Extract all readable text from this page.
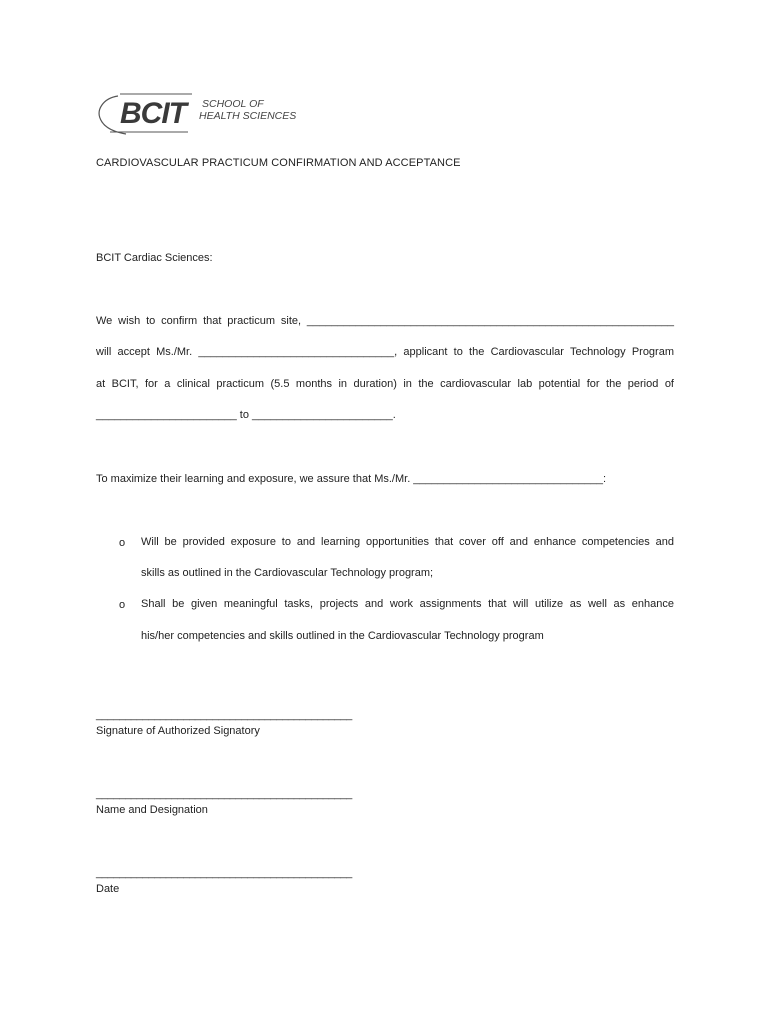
BCIT	SCHOOL OF
HEALTH SCIENCES
CARDIOVASCULAR PRACTICUM CONFIRMATION AND ACCEPTANCE
BCIT Cardiac Sciences:
We wish to confirm that practicum site, ____________________________________________________________
will accept Ms./Mr. ________________________________, applicant to the Cardiovascular Technology Program
at BCIT, for a clinical practicum (5.5 months in duration) in the cardiovascular lab potential for the period of
_______________________ to _______________________.
To maximize their learning and exposure, we assure that Ms./Mr. _______________________________:
o Will be provided exposure to and learning opportunities that cover off and enhance competencies and
skills as outlined in the Cardiovascular Technology program;
o Shall be given meaningful tasks, projects and work assignments that will utilize as well as enhance
his/her competencies and skills outlined in the Cardiovascular Technology program
____________________________________________
Signature of Authorized Signatory
____________________________________________
Name and Designation
____________________________________________
Date
